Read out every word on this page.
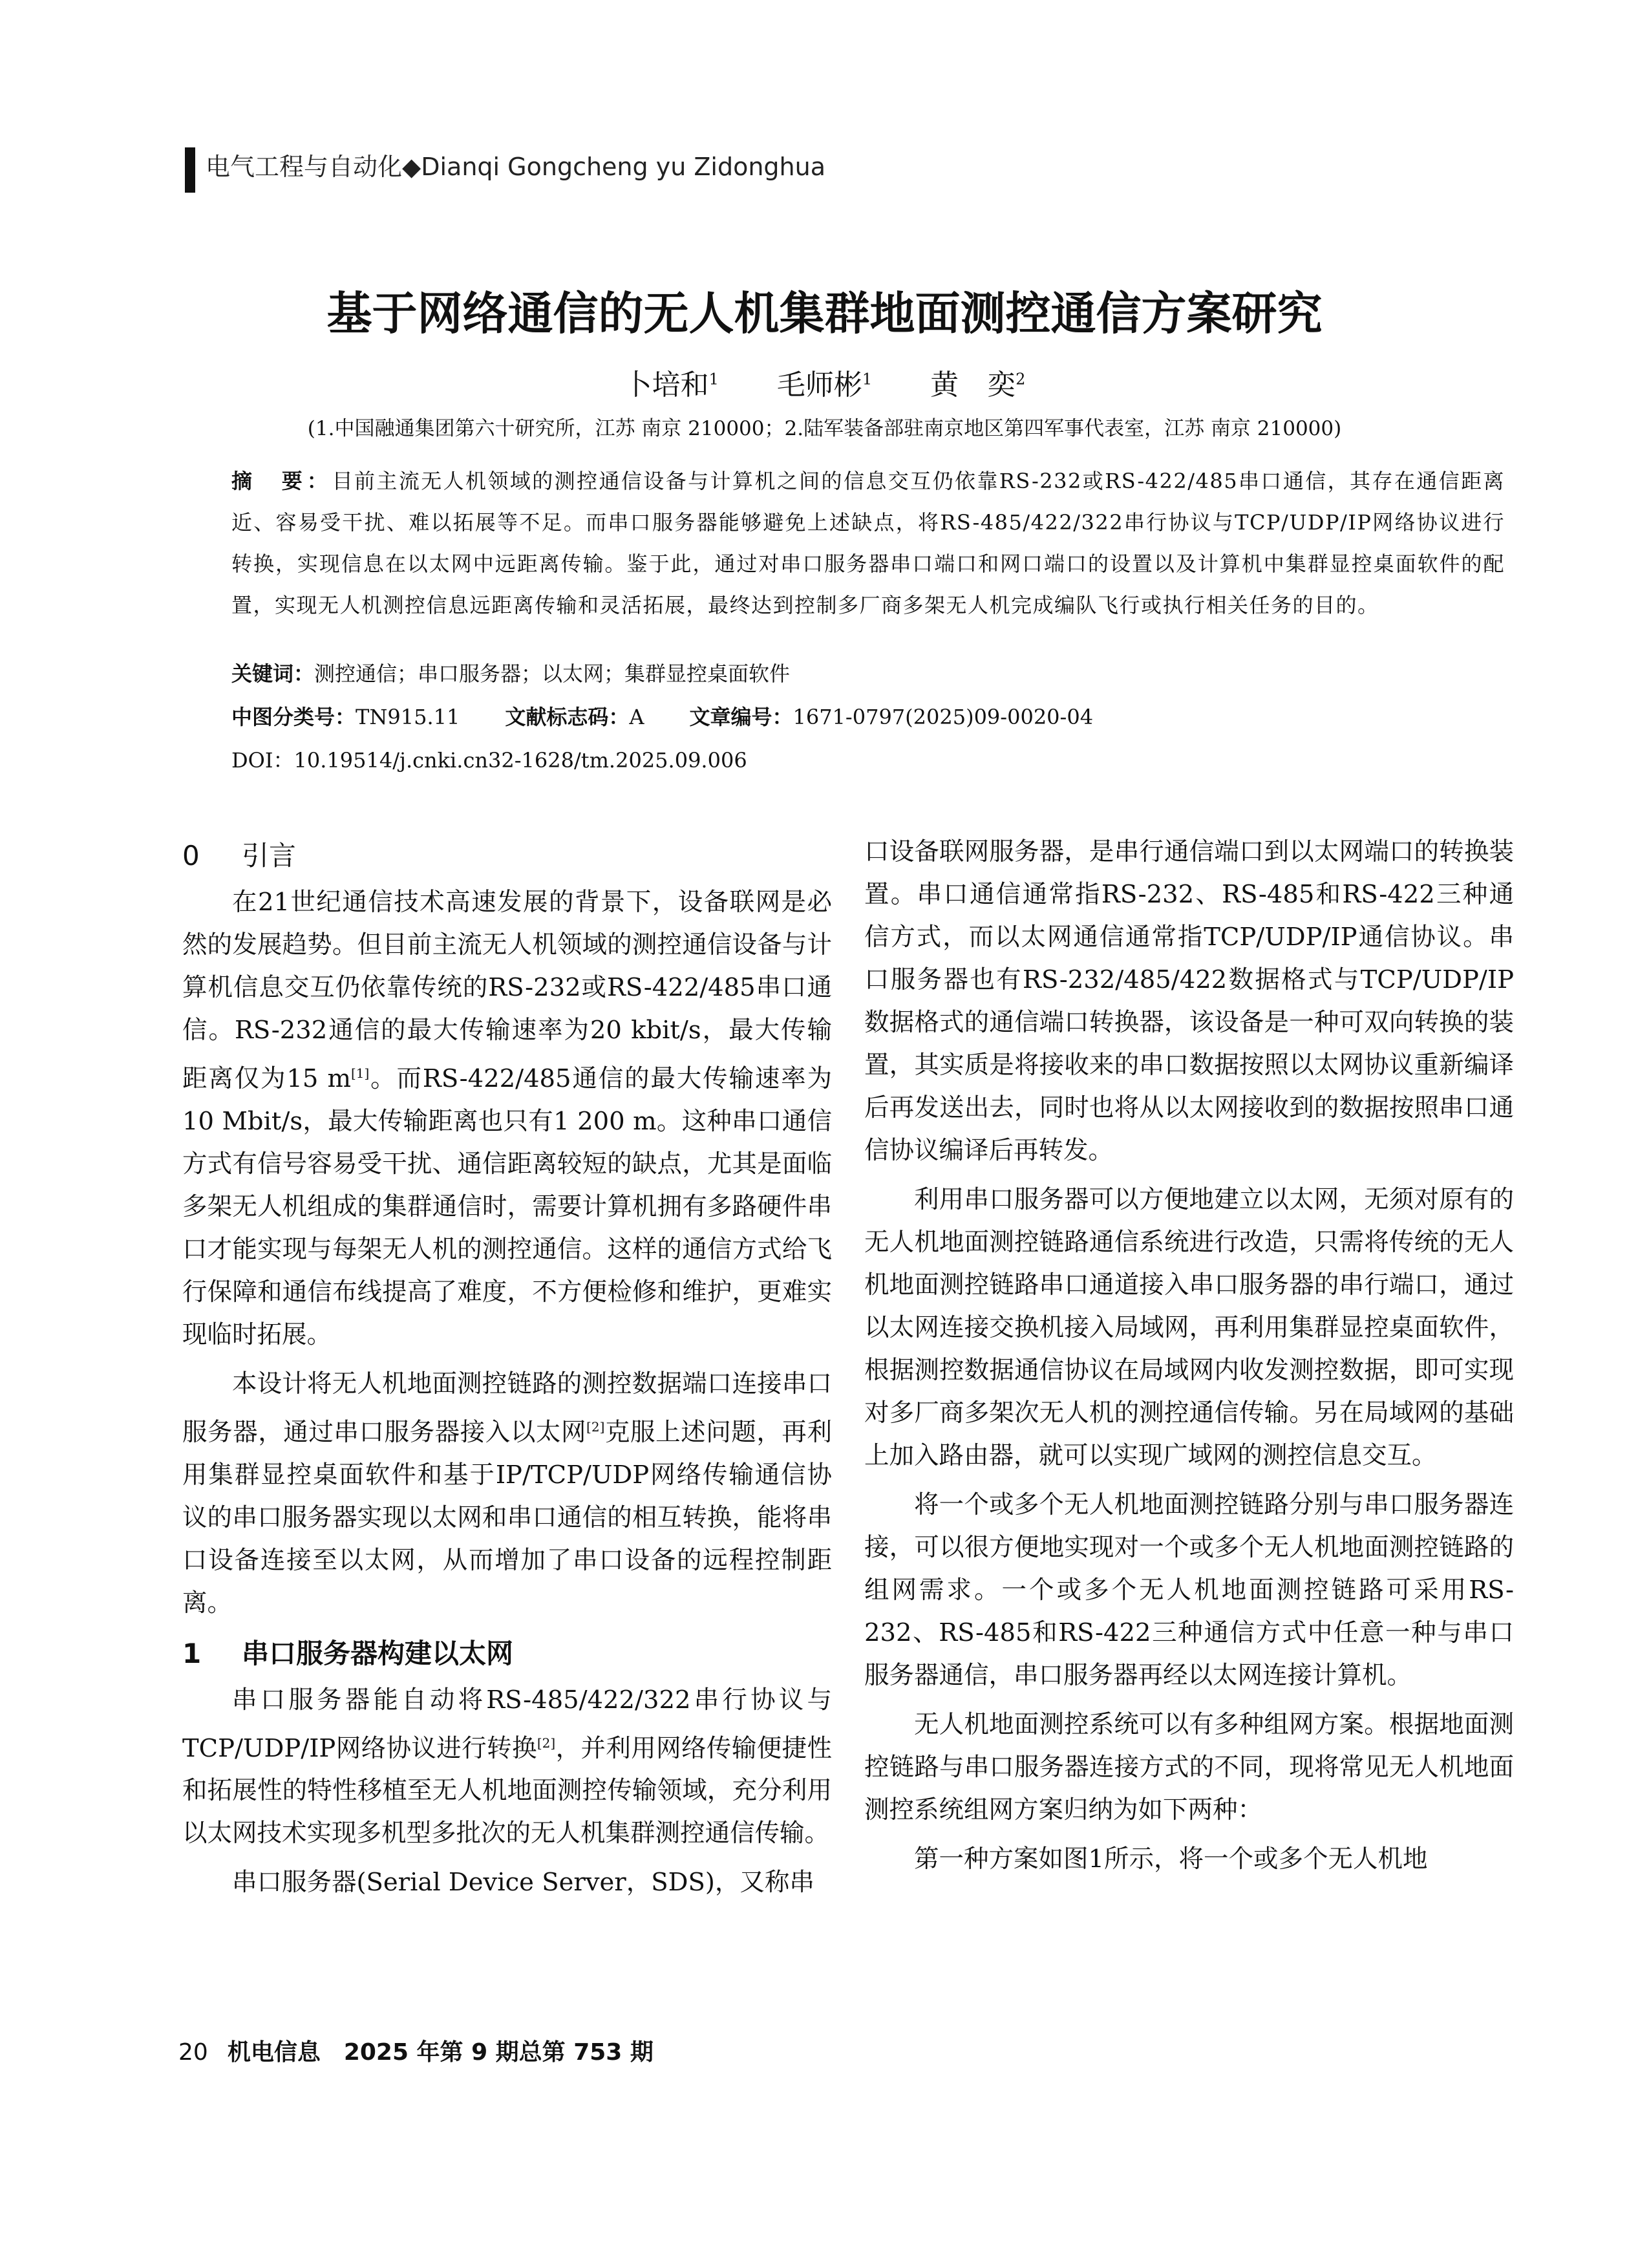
电气工程与自动化◆Dianqi Gongcheng yu Zidonghua
基于网络通信的无人机集群地面测控通信方案研究
卜培和$^1$ 毛师彬$^1$ 黄　奕$^2$
(1.中国融通集团第六十研究所，江苏 南京 210000；2.陆军装备部驻南京地区第四军事代表室，江苏 南京 210000)
摘　要：目前主流无人机领域的测控通信设备与计算机之间的信息交互仍依靠RS-232或RS-422/485串口通信，其存在通信距离近、容易受干扰、难以拓展等不足。而串口服务器能够避免上述缺点，将RS-485/422/322串行协议与TCP/UDP/IP网络协议进行转换，实现信息在以太网中远距离传输。鉴于此，通过对串口服务器串口端口和网口端口的设置以及计算机中集群显控桌面软件的配置，实现无人机测控信息远距离传输和灵活拓展，最终达到控制多厂商多架无人机完成编队飞行或执行相关任务的目的。
关键词：测控通信；串口服务器；以太网；集群显控桌面软件
中图分类号：TN915.11 文献标志码：A 文章编号：1671-0797(2025)09-0020-04
DOI：10.19514/j.cnki.cn32-1628/tm.2025.09.006
0 引言

在21世纪通信技术高速发展的背景下，设备联网是必然的发展趋势。但目前主流无人机领域的测控通信设备与计算机信息交互仍依靠传统的RS-232或RS-422/485串口通信。RS-232通信的最大传输速率为20 kbit/s，最大传输距离仅为15 m[1]。而RS-422/485通信的最大传输速率为10 Mbit/s，最大传输距离也只有1 200 m。这种串口通信方式有信号容易受干扰、通信距离较短的缺点，尤其是面临多架无人机组成的集群通信时，需要计算机拥有多路硬件串口才能实现与每架无人机的测控通信。这样的通信方式给飞行保障和通信布线提高了难度，不方便检修和维护，更难实现临时拓展。

本设计将无人机地面测控链路的测控数据端口连接串口服务器，通过串口服务器接入以太网[2]克服上述问题，再利用集群显控桌面软件和基于IP/TCP/UDP网络传输通信协议的串口服务器实现以太网和串口通信的相互转换，能将串口设备连接至以太网，从而增加了串口设备的远程控制距离。

1 串口服务器构建以太网

串口服务器能自动将RS-485/422/322串行协议与TCP/UDP/IP网络协议进行转换[2]，并利用网络传输便捷性和拓展性的特性移植至无人机地面测控传输领域，充分利用以太网技术实现多机型多批次的无人机集群测控通信传输。

串口服务器(Serial Device Server，SDS)，又称串

口设备联网服务器，是串行通信端口到以太网端口的转换装置。串口通信通常指RS-232、RS-485和RS-422三种通信方式，而以太网通信通常指TCP/UDP/IP通信协议。串口服务器也有RS-232/485/422数据格式与TCP/UDP/IP数据格式的通信端口转换器，该设备是一种可双向转换的装置，其实质是将接收来的串口数据按照以太网协议重新编译后再发送出去，同时也将从以太网接收到的数据按照串口通信协议编译后再转发。

利用串口服务器可以方便地建立以太网，无须对原有的无人机地面测控链路通信系统进行改造，只需将传统的无人机地面测控链路串口通道接入串口服务器的串行端口，通过以太网连接交换机接入局域网，再利用集群显控桌面软件，根据测控数据通信协议在局域网内收发测控数据，即可实现对多厂商多架次无人机的测控通信传输。另在局域网的基础上加入路由器，就可以实现广域网的测控信息交互。

将一个或多个无人机地面测控链路分别与串口服务器连接，可以很方便地实现对一个或多个无人机地面测控链路的组网需求。一个或多个无人机地面测控链路可采用RS-232、RS-485和RS-422三种通信方式中任意一种与串口服务器通信，串口服务器再经以太网连接计算机。

无人机地面测控系统可以有多种组网方案。根据地面测控链路与串口服务器连接方式的不同，现将常见无人机地面测控系统组网方案归纳为如下两种：

第一种方案如图1所示，将一个或多个无人机地

20 机电信息　2025 年第 9 期总第 753 期
